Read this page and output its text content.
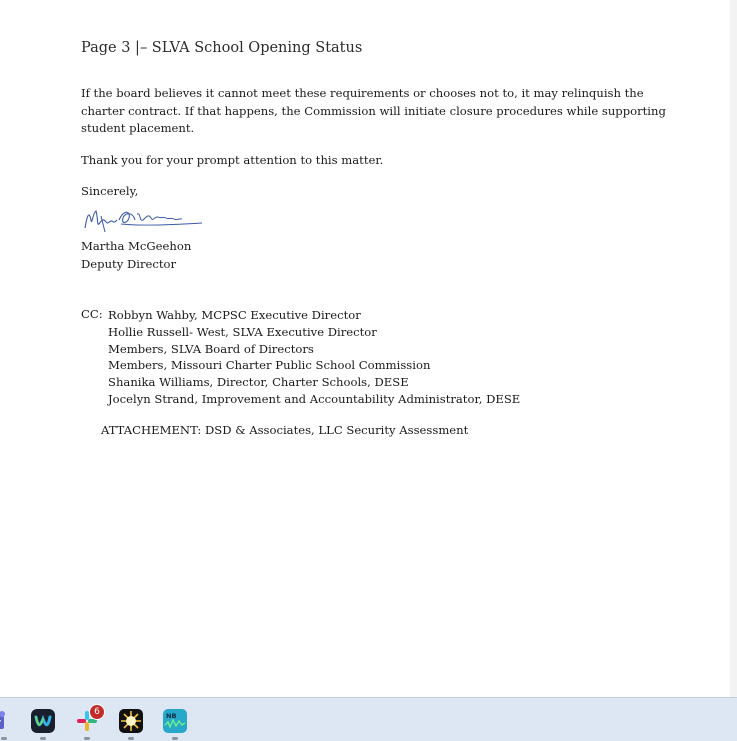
Page 3 |– SLVA School Opening Status
If the board believes it cannot meet these requirements or chooses not to, it may relinquish the
charter contract. If that happens, the Commission will initiate closure procedures while supporting
student placement.
Thank you for your prompt attention to this matter.
Sincerely,
Martha McGeehon
Deputy Director
CC: Robbyn Wahby, MCPSC Executive Director
Hollie Russell- West, SLVA Executive Director
Members, SLVA Board of Directors
Members, Missouri Charter Public School Commission
Shanika Williams, Director, Charter Schools, DESE
Jocelyn Strand, Improvement and Accountability Administrator, DESE
ATTACHEMENT: DSD & Associates, LLC Security Assessment
NB
6
